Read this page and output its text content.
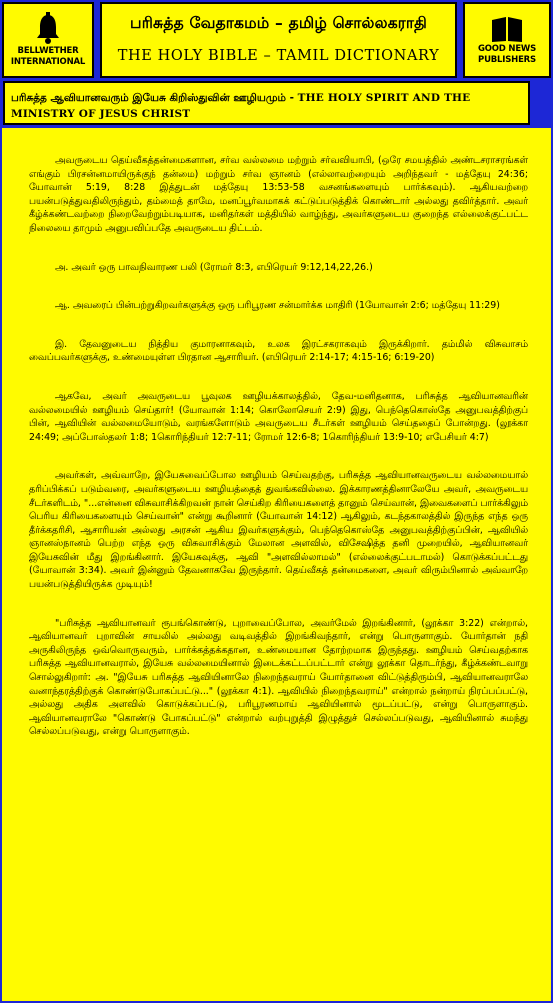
BELLWETHER
INTERNATIONAL
பரிசுத்த வேதாகமம் – தமிழ் சொல்லகராதி
THE HOLY BIBLE – TAMIL DICTIONARY	GOOD NEWS
PUBLISHERS
பரிசுத்த ஆவியானவரும் இயேசு கிறிஸ்துவின் ஊழியமும் - THE HOLY SPIRIT AND THE MINISTRY OF JESUS CHRIST

அவருடைய தெய்வீகத்தன்மைகளான, சர்வ வல்லமை மற்றும் சர்வவியாபி, (ஒரே சமயத்தில் அண்டசராசரங்கள் எங்கும் பிரசன்னமாயிருக்குந் தன்மை) மற்றும் சர்வ ஞானம் (எல்லாவற்றையும் அறிந்தவர் - மத்தேயு 24:36; யோவான் 5:19, 8:28 இத்துடன் மத்தேயு 13:53-58 வசனங்களையும் பார்க்கவும்). ஆகியவற்றை பயன்படுத்துவதிலிருந்தும், தம்மைத் தாமே, மனப்பூர்வமாகக் கட்டுப்படுத்திக் கொண்டார் அல்லது தவிர்த்தார். அவர் கீழ்க்கண்டவற்றை நிறைவேற்றும்படியாக, மனிதர்கள் மத்தியில் வாழ்ந்து, அவர்களுடைய குறைந்த எல்லைக்குட்பட்ட நிலையை தாமும் அனுபவிப்பதே அவருடைய திட்டம்.

அ. அவர் ஒரு பாவநிவாரண பலி (ரோமர் 8:3, எபிரெயர் 9:12,14,22,26.)

ஆ. அவரைப் பின்பற்றுகிறவர்களுக்கு ஒரு பரிபூரண சன்மார்க்க மாதிரி (1யோவான் 2:6; மத்தேயு 11:29)

இ. தேவனுடைய நித்திய குமாரனாகவும், உலக இரட்சகராகவும் இருக்கிறார். தம்மில் விசுவாசம் வைப்பவர்களுக்கு, உண்மையுள்ள பிரதான ஆசாரியர். (எபிரெயர் 2:14-17; 4:15-16; 6:19-20)

ஆகவே, அவர் அவருடைய பூவுலக ஊழியக்காலத்தில், தேவ-மனிதனாக, பரிசுத்த ஆவியானவரின் வல்லமையில் ஊழியம் செய்தார்! (யோவான் 1:14; கொலோசெயர் 2:9) இது, பெந்தெகொஸ்தே அனுபவத்திற்குப் பின், ஆவியின் வல்லமையோடும், வரங்களோடும் அவருடைய சீடர்கள் ஊழியம் செய்ததைப் போன்றது. (லூக்கா 24:49; அப்போஸ்தலர் 1:8; 1கொரிந்தியர் 12:7-11; ரோமர் 12:6-8; 1கொரிந்தியர் 13:9-10; எபேசியர் 4:7)

அவர்கள், அவ்வாறே, இயேசுவைப்போல ஊழியம் செய்வதற்கு, பரிசுத்த ஆவியானவருடைய வல்லமையால் தரிப்பிக்கப் படும்வரை, அவர்களுடைய ஊழியத்தைத் துவங்கவில்லை. இக்காரணத்தினாலேயே அவர், அவருடைய சீடர்களிடம், "...என்னை விசுவாசிக்கிறவன் நான் செய்கிற கிரியைகளைத் தானும் செய்வான், இவைகளைப் பார்க்கிலும் பெரிய கிரியைகளையும் செய்வான்" என்று கூறினார் (யோவான் 14:12) ஆகிலும், கடந்தகாலத்தில் இருந்த எந்த ஒரு தீர்க்கதரிசி, ஆசாரியன் அல்லது அரசன் ஆகிய இவர்களுக்கும், பெந்தெகொஸ்தே அனுபவத்திற்குப்பின், ஆவியில் ஞானஸ்நானம் பெற்ற எந்த ஒரு விசுவாசிக்கும் மேலான அளவில், விசேஷித்த தனி முறையில், ஆவியானவர் இயேசுவின் மீது இறங்கினார். இயேசுவுக்கு, ஆவி "அளவில்லாமல்" (எல்லைக்குட்படாமல்) கொடுக்கப்பட்டது (யோவான் 3:34). அவர் இன்னும் தேவனாகவே இருந்தார். தெய்வீகத் தன்மைகளை, அவர் விரும்பினால் அவ்வாறே பயன்படுத்தியிருக்க முடியும்!

"பரிசுத்த ஆவியானவர் ரூபங்கொண்டு, புறாவைப்போல, அவர்மேல் இறங்கினார், (லூக்கா 3:22) என்றால், ஆவியானவர் புறாவின் சாயலில் அல்லது வடிவத்தில் இறங்கிவந்தார், என்று பொருளாகும். யோர்தான் நதி அருகிலிருந்த ஒவ்வொருவரும், பார்க்கத்தக்கதான, உண்மையான தோற்றமாக இருந்தது. ஊழியம் செய்வதற்காக பரிசுத்த ஆவியானவரால், இயேசு வல்லமையினால் இடைக்கட்டப்பட்டார் என்று லூக்கா தொடர்ந்து, கீழ்க்கண்டவாறு சொல்லுகிறார்: அ. "இயேசு பரிசுத்த ஆவியினாலே நிறைந்தவராய் யோர்தானை விட்டுத்திரும்பி, ஆவியானவராலே வனாந்தரத்திற்குக் கொண்டுபோகப்பட்டு..." (லூக்கா 4:1). ஆவியில் நிறைந்தவராய்" என்றால் நன்றாய் நிரப்பப்பட்டு, அல்லது அதிக அளவில் கொடுக்கப்பட்டு, பரிபூரணமாய் ஆவியினால் மூடப்பட்டு, என்று பொருளாகும். ஆவியானவராலே "கொண்டு போகப்பட்டு" என்றால் வற்புறுத்தி இழுத்துச் செல்லப்படுவது, ஆவியினால் சுமந்து செல்லப்படுவது, என்று பொருளாகும்.
